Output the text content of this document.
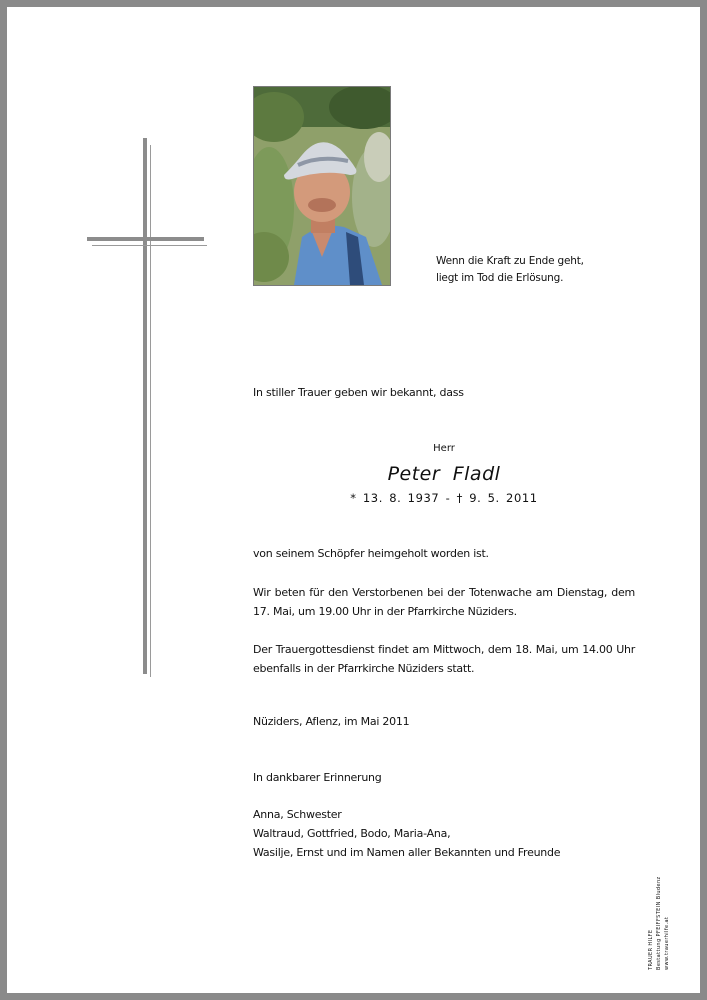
Wenn die Kraft zu Ende geht,
liegt im Tod die Erlösung.
In stiller Trauer geben wir bekannt, dass
Herr
Peter Fladl
* 13. 8. 1937 - † 9. 5. 2011
von seinem Schöpfer heimgeholt worden ist.
Wir beten für den Verstorbenen bei der Totenwache am Dienstag, dem 17. Mai, um 19.00 Uhr in der Pfarrkirche Nüziders.
Der Trauergottesdienst findet am Mittwoch, dem 18. Mai, um 14.00 Uhr ebenfalls in der Pfarrkirche Nüziders statt.
Nüziders, Aflenz, im Mai 2011
In dankbarer Erinnerung
Anna, Schwester
Waltraud, Gottfried, Bodo, Maria-Ana,
Wasilje, Ernst und im Namen aller Bekannten und Freunde
TRAUER HILFE Bestattung PFEIFFSTEIN Bludenz www.trauerhilfe.at
